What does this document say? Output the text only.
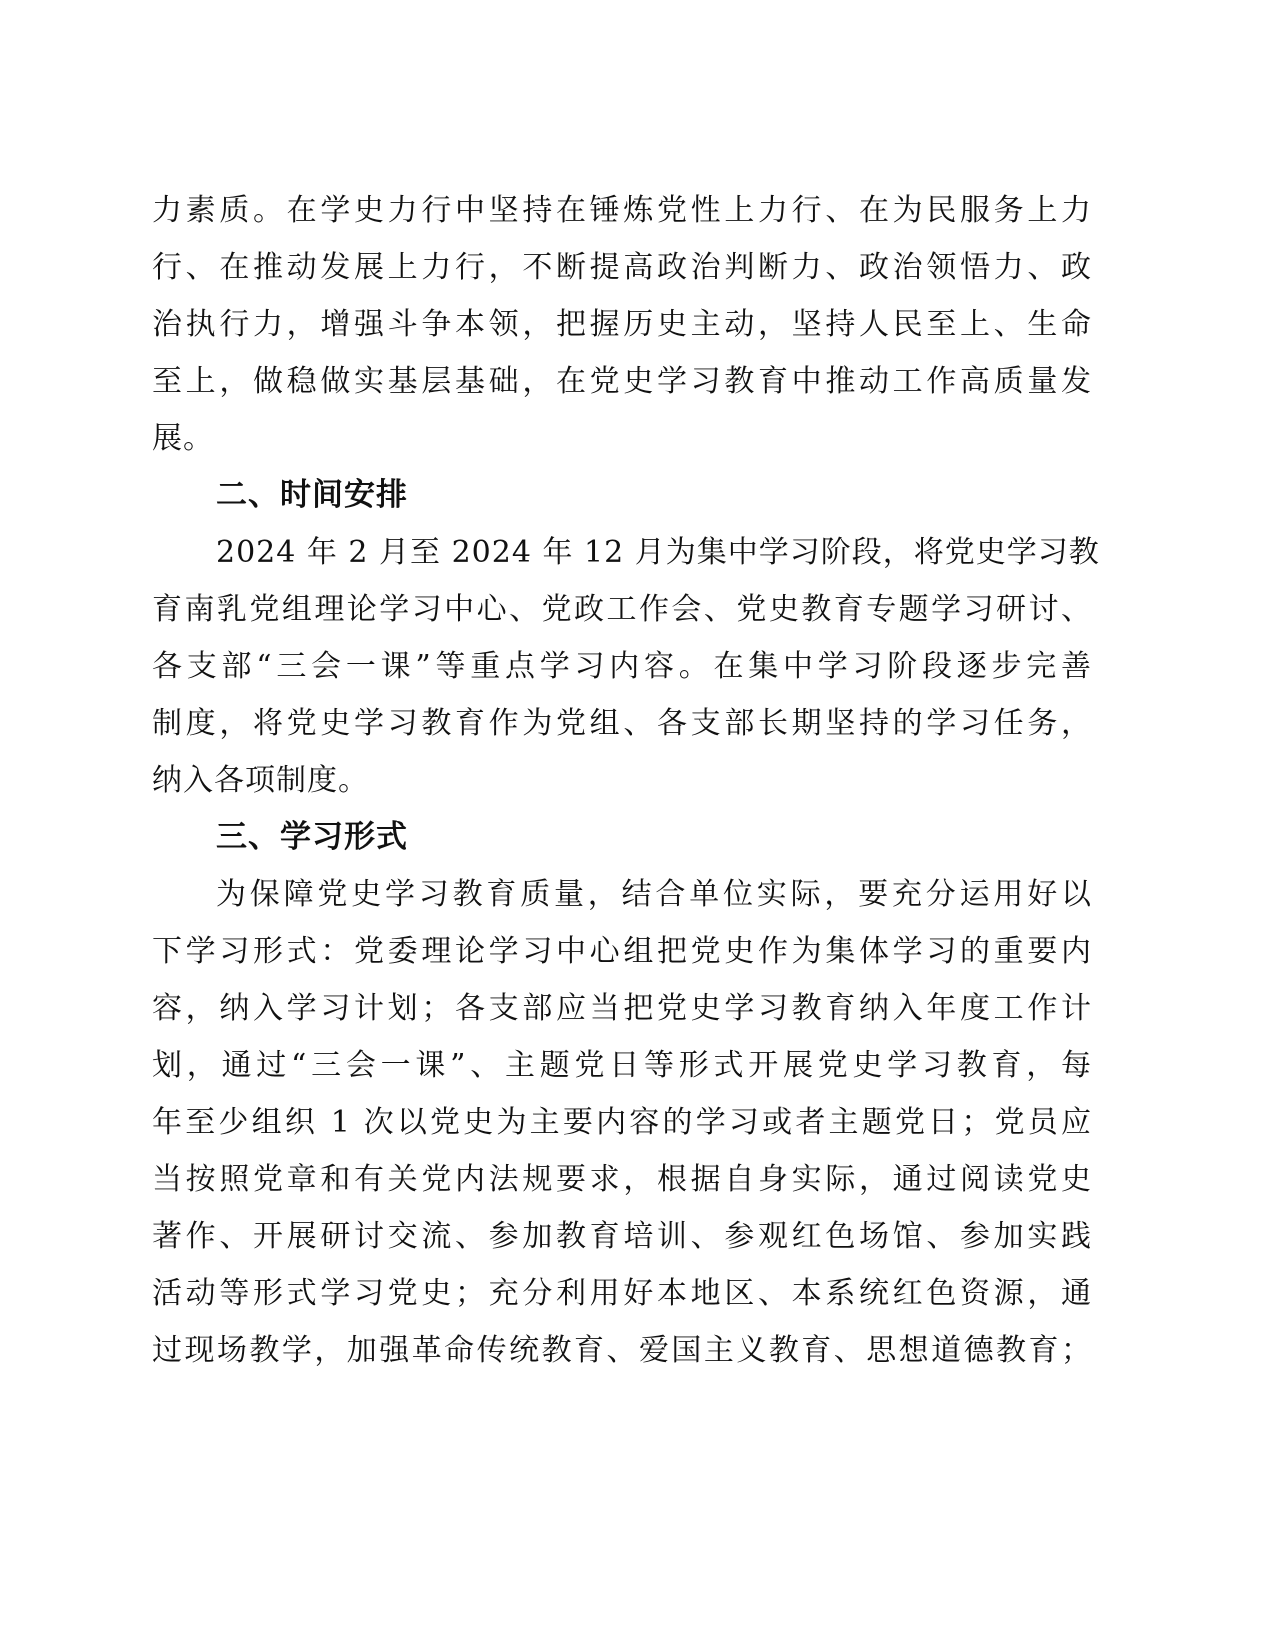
力素质。在学史力行中坚持在锤炼党性上力行、在为民服务上力
行、在推动发展上力行，不断提高政治判断力、政治领悟力、政
治执行力，增强斗争本领，把握历史主动，坚持人民至上、生命
至上，做稳做实基层基础，在党史学习教育中推动工作高质量发
展。
二、时间安排
2024 年 2 月至 2024 年 12 月为集中学习阶段，将党史学习教
育南乳党组理论学习中心、党政工作会、党史教育专题学习研讨、
各支部“三会一课”等重点学习内容。在集中学习阶段逐步完善
制度，将党史学习教育作为党组、各支部长期坚持的学习任务，
纳入各项制度。
三、学习形式
为保障党史学习教育质量，结合单位实际，要充分运用好以
下学习形式：党委理论学习中心组把党史作为集体学习的重要内
容，纳入学习计划；各支部应当把党史学习教育纳入年度工作计
划，通过“三会一课”、主题党日等形式开展党史学习教育，每
年至少组织 1 次以党史为主要内容的学习或者主题党日；党员应
当按照党章和有关党内法规要求，根据自身实际，通过阅读党史
著作、开展研讨交流、参加教育培训、参观红色场馆、参加实践
活动等形式学习党史；充分利用好本地区、本系统红色资源，通
过现场教学，加强革命传统教育、爱国主义教育、思想道德教育；
